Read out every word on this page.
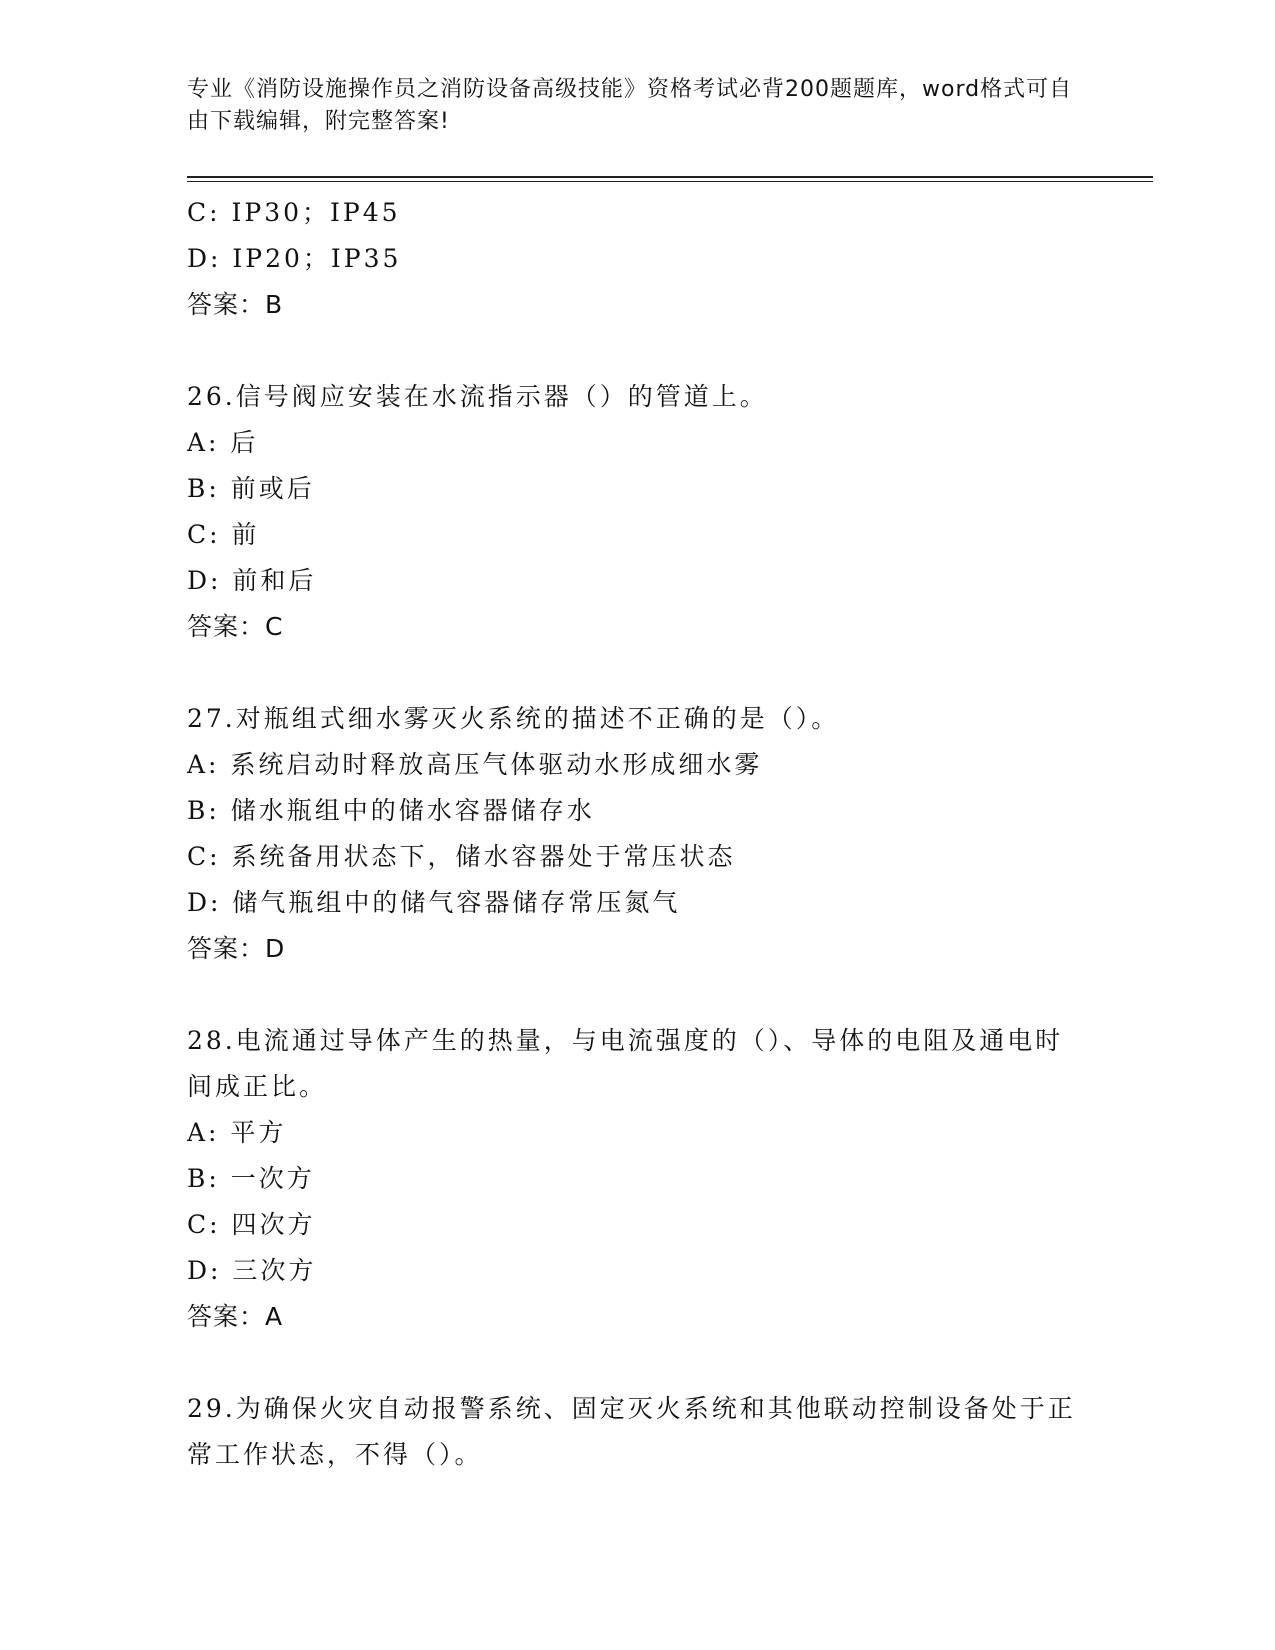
专业《消防设施操作员之消防设备高级技能》资格考试必背200题题库，word格式可自由下载编辑，附完整答案!
C: IP30；IP45
D: IP20；IP35
答案：B
26.信号阀应安装在水流指示器（）的管道上。
A: 后
B: 前或后
C: 前
D: 前和后
答案：C
27.对瓶组式细水雾灭火系统的描述不正确的是（）。
A: 系统启动时释放高压气体驱动水形成细水雾
B: 储水瓶组中的储水容器储存水
C: 系统备用状态下，储水容器处于常压状态
D: 储气瓶组中的储气容器储存常压氮气
答案：D
28.电流通过导体产生的热量，与电流强度的（）、导体的电阻及通电时间成正比。
A: 平方
B: 一次方
C: 四次方
D: 三次方
答案：A
29.为确保火灾自动报警系统、固定灭火系统和其他联动控制设备处于正常工作状态，不得（）。
